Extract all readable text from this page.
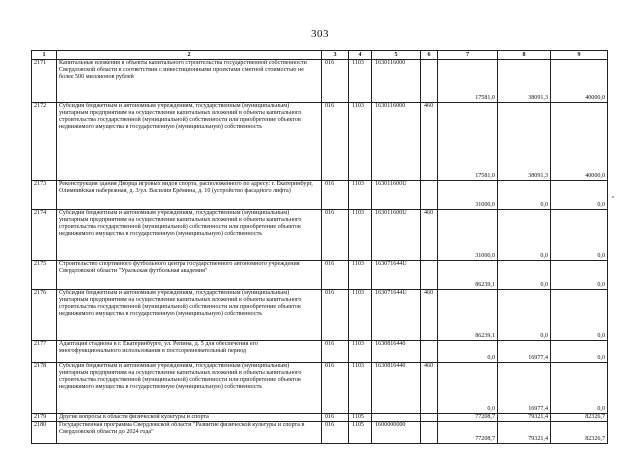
303
1	2	3	4	5	6	7	8	9
2171	Капитальные вложения в объекты капитального строительства государственной собственности Свердловской области в соответствии с инвестиционными проектами сметной стоимостью не более 500 миллионов рублей	016	1103	1630116000		17581,0	38091,3	40000,0
2172	Субсидии бюджетным и автономным учреждениям, государственным (муниципальным) унитарным предприятиям на осуществление капитальных вложений в объекты капитального строительства государственной (муниципальной) собственности или приобретение объектов недвижимого имущества в государственную (муниципальную) собственность	016	1103	1630116000	460	17581,0	38091,3	40000,0
2173	Реконструкция здания Дворца игровых видов спорта, расположенного по адресу: г. Екатеринбург, Олимпийская набережная, д. 3/ул. Василия Ерёмина, д. 10 (устройство фасадного лифта)	016	1103	163011600U		31000,0	0,0	0,0
2174	Субсидии бюджетным и автономным учреждениям, государственным (муниципальным) унитарным предприятиям на осуществление капитальных вложений в объекты капитального строительства государственной (муниципальной) собственности или приобретение объектов недвижимого имущества в государственную (муниципальную) собственность	016	1103	163011600U	460	31000,0	0,0	0,0
2175	Строительство спортивного футбольного центра государственного автономного учреждения Свердловской области "Уральская футбольная академия"	016	1103	163071644U		86239,1	0,0	0,0
2176	Субсидии бюджетным и автономным учреждениям, государственным (муниципальным) унитарным предприятиям на осуществление капитальных вложений в объекты капитального строительства государственной (муниципальной) собственности или приобретение объектов недвижимого имущества в государственную (муниципальную) собственность	016	1103	163071644U	460	86239,1	0,0	0,0
2177	Адаптация стадиона в г. Екатеринбурге, ул. Репина, д. 5 для обеспечения его многофункционального использования в постсоревновательный период	016	1103	1630816440		0,0	16977,4	0,0
2178	Субсидии бюджетным и автономным учреждениям, государственным (муниципальным) унитарным предприятиям на осуществление капитальных вложений в объекты капитального строительства государственной (муниципальной) собственности или приобретение объектов недвижимого имущества в государственную (муниципальную) собственность	016	1103	1630816440	460	0,0	16977,4	0,0
2179	Другие вопросы в области физической культуры и спорта	016	1105			77208,7	79321,4	82326,7
2180	Государственная программа Свердловской области "Развитие физической культуры и спорта в Свердловской области до 2024 года"	016	1105	1600000000		77208,7	79321,4	82326,7
